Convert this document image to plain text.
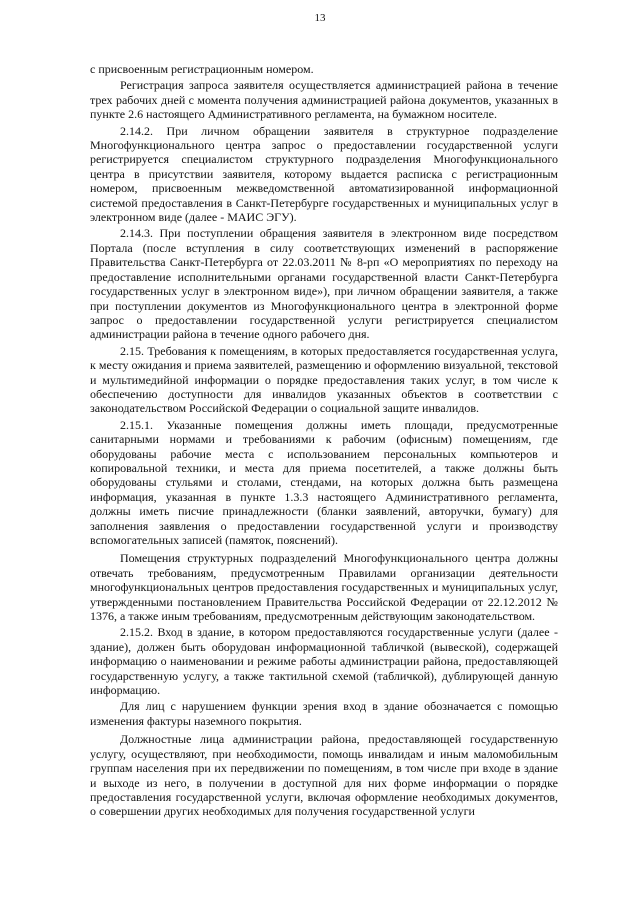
13

с присвоенным регистрационным номером.

Регистрация запроса заявителя осуществляется администрацией района в течение трех рабочих дней с момента получения администрацией района документов, указанных в пункте 2.6 настоящего Административного регламента, на бумажном носителе.

2.14.2. При личном обращении заявителя в структурное подразделение Многофункционального центра запрос о предоставлении государственной услуги регистрируется специалистом структурного подразделения Многофункционального центра в присутствии заявителя, которому выдается расписка с регистрационным номером, присвоенным межведомственной автоматизированной информационной системой предоставления в Санкт-Петербурге государственных и муниципальных услуг в электронном виде (далее - МАИС ЭГУ).

2.14.3. При поступлении обращения заявителя в электронном виде посредством Портала (после вступления в силу соответствующих изменений в распоряжение Правительства Санкт-Петербурга от 22.03.2011 № 8-рп «О мероприятиях по переходу на предоставление исполнительными органами государственной власти Санкт-Петербурга государственных услуг в электронном виде»), при личном обращении заявителя, а также при поступлении документов из Многофункционального центра в электронной форме запрос о предоставлении государственной услуги регистрируется специалистом администрации района в течение одного рабочего дня.

2.15. Требования к помещениям, в которых предоставляется государственная услуга, к месту ожидания и приема заявителей, размещению и оформлению визуальной, текстовой и мультимедийной информации о порядке предоставления таких услуг, в том числе к обеспечению доступности для инвалидов указанных объектов в соответствии с законодательством Российской Федерации о социальной защите инвалидов.

2.15.1. Указанные помещения должны иметь площади, предусмотренные санитарными нормами и требованиями к рабочим (офисным) помещениям, где оборудованы рабочие места с использованием персональных компьютеров и копировальной техники, и места для приема посетителей, а также должны быть оборудованы стульями и столами, стендами, на которых должна быть размещена информация, указанная в пункте 1.3.3 настоящего Административного регламента, должны иметь писчие принадлежности (бланки заявлений, авторучки, бумагу) для заполнения заявления о предоставлении государственной услуги и производству вспомогательных записей (памяток, пояснений).

Помещения структурных подразделений Многофункционального центра должны отвечать требованиям, предусмотренным Правилами организации деятельности многофункциональных центров предоставления государственных и муниципальных услуг, утвержденными постановлением Правительства Российской Федерации от 22.12.2012 № 1376, а также иным требованиям, предусмотренным действующим законодательством.

2.15.2. Вход в здание, в котором предоставляются государственные услуги (далее - здание), должен быть оборудован информационной табличкой (вывеской), содержащей информацию о наименовании и режиме работы администрации района, предоставляющей государственную услугу, а также тактильной схемой (табличкой), дублирующей данную информацию.

Для лиц с нарушением функции зрения вход в здание обозначается с помощью изменения фактуры наземного покрытия.

Должностные лица администрации района, предоставляющей государственную услугу, осуществляют, при необходимости, помощь инвалидам и иным маломобильным группам населения при их передвижении по помещениям, в том числе при входе в здание и выходе из него, в получении в доступной для них форме информации о порядке предоставления государственной услуги, включая оформление необходимых документов, о совершении других необходимых для получения государственной услуги
